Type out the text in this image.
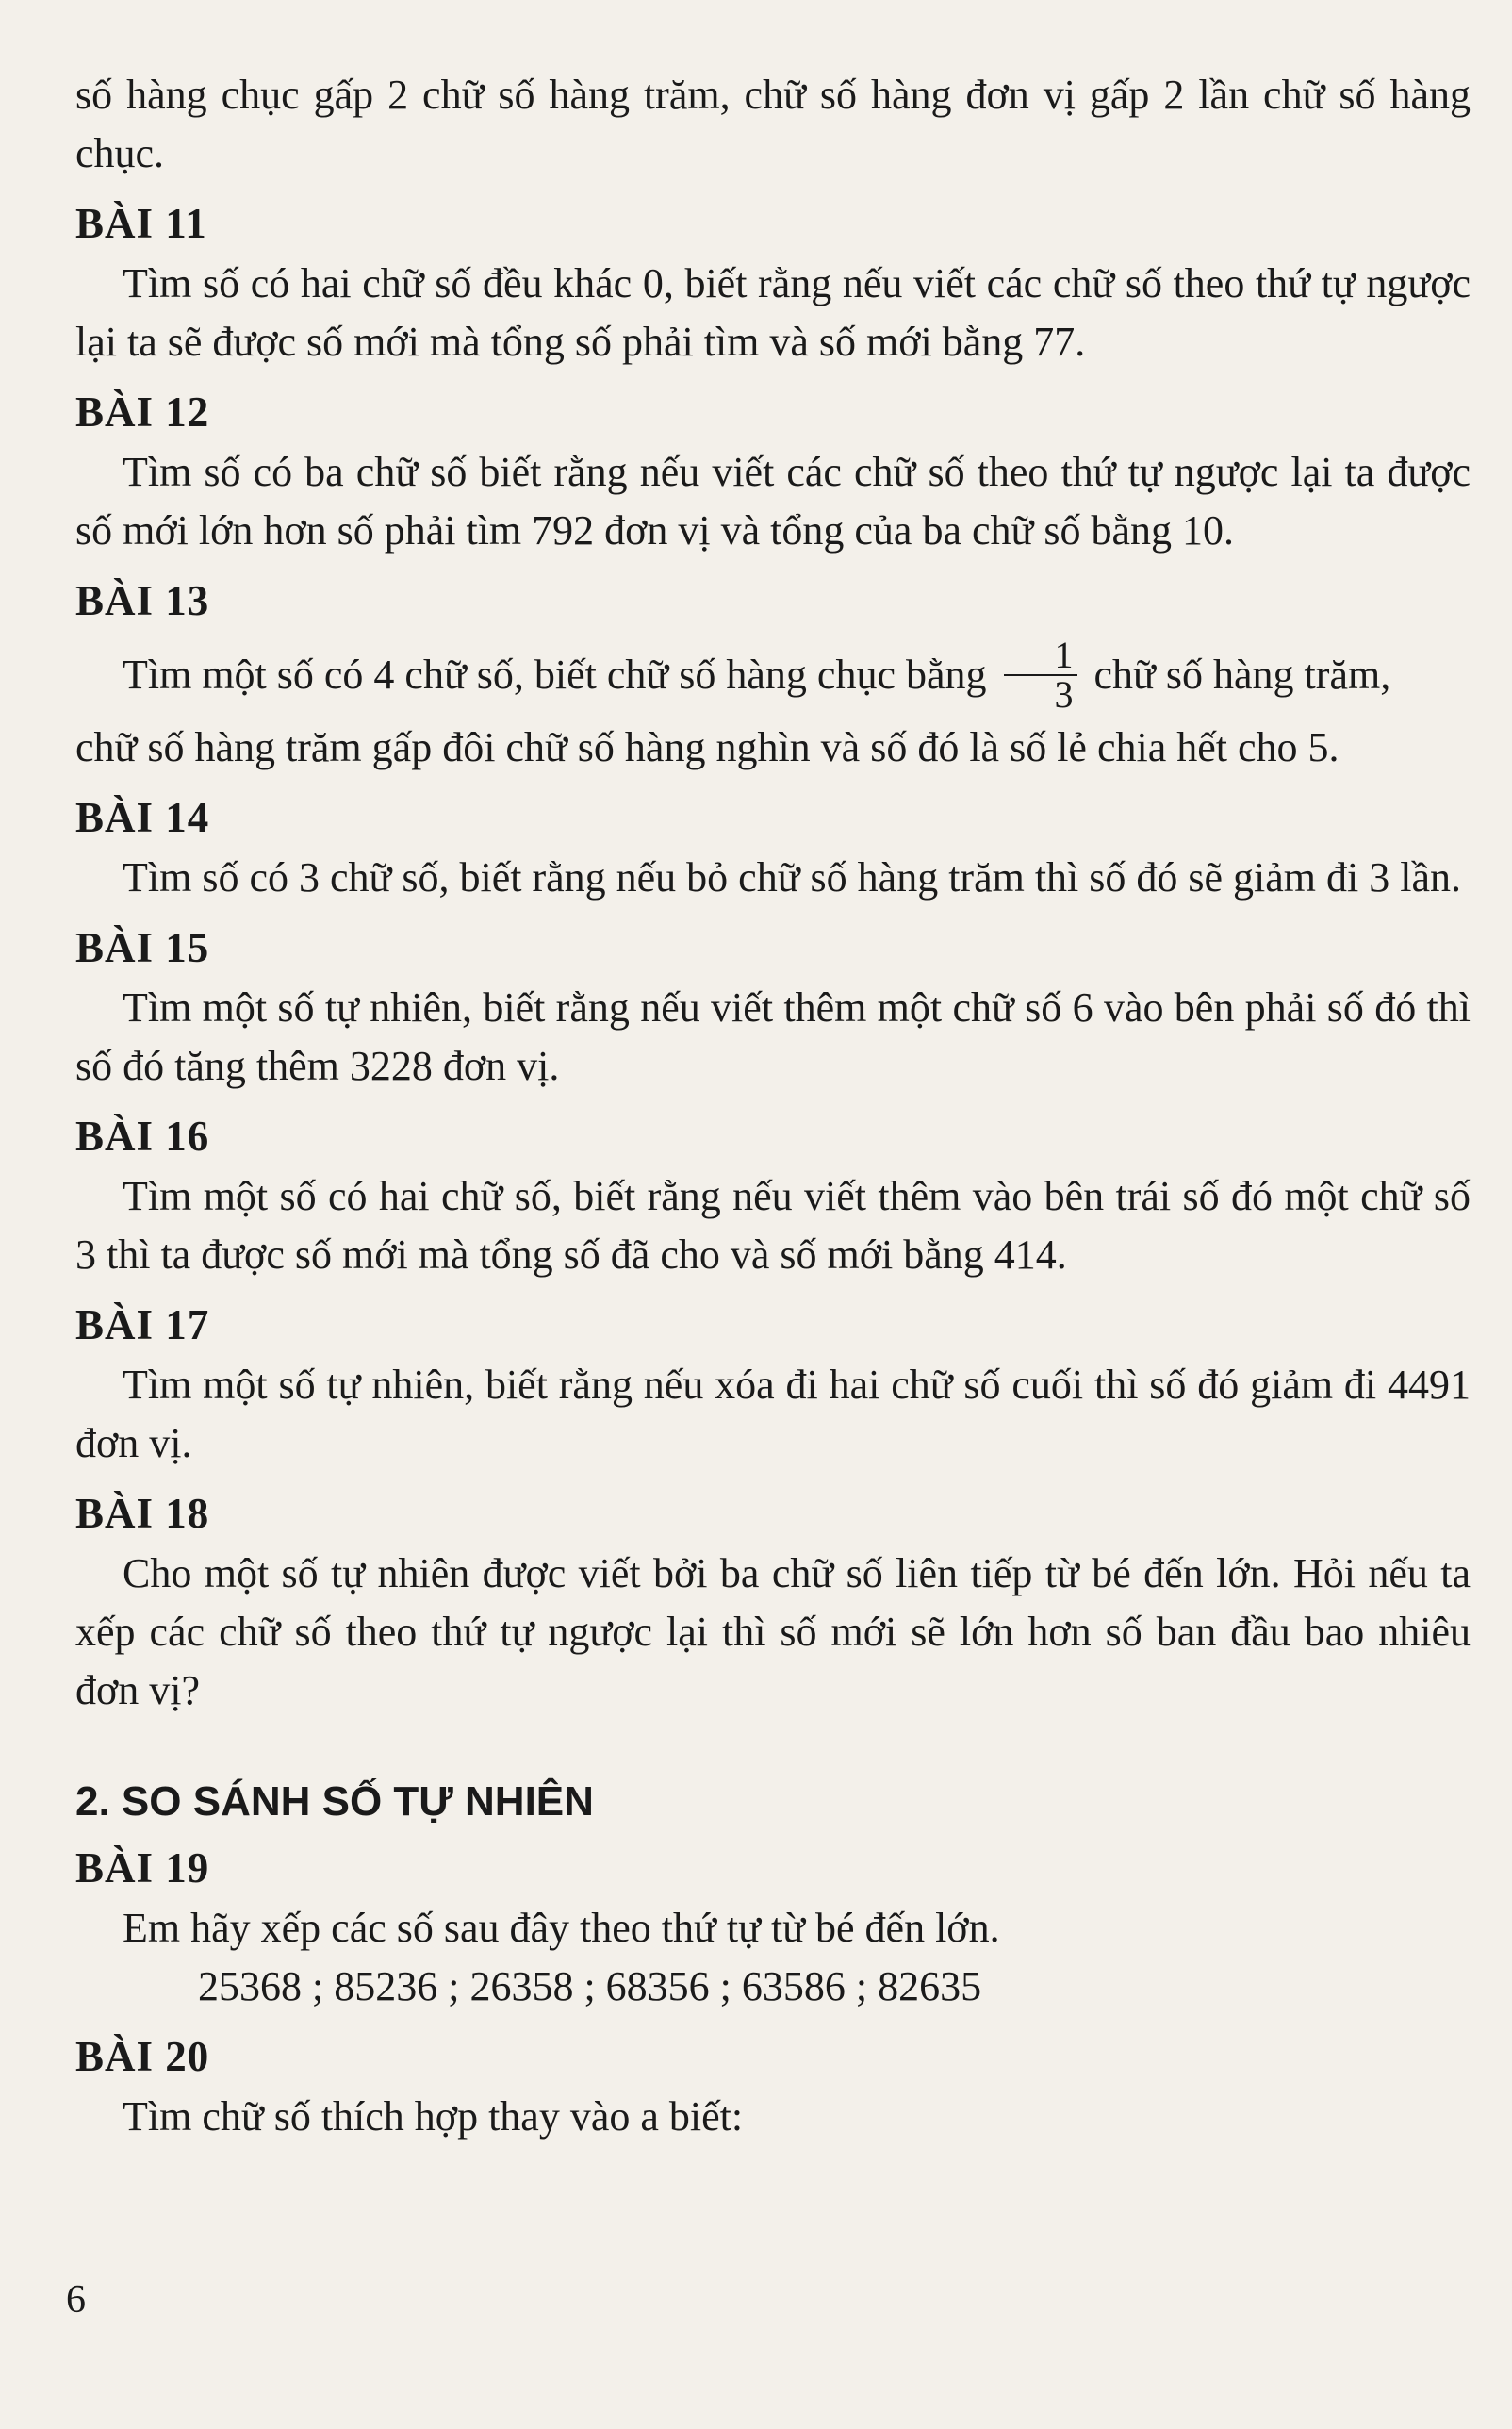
số hàng chục gấp 2 chữ số hàng trăm, chữ số hàng đơn vị gấp 2 lần chữ số hàng chục.

BÀI 11

Tìm số có hai chữ số đều khác 0, biết rằng nếu viết các chữ số theo thứ tự ngược lại ta sẽ được số mới mà tổng số phải tìm và số mới bằng 77.

BÀI 12

Tìm số có ba chữ số biết rằng nếu viết các chữ số theo thứ tự ngược lại ta được số mới lớn hơn số phải tìm 792 đơn vị và tổng của ba chữ số bằng 10.

BÀI 13

Tìm một số có 4 chữ số, biết chữ số hàng chục bằng $\frac{1}{3}$ chữ số hàng trăm,

chữ số hàng trăm gấp đôi chữ số hàng nghìn và số đó là số lẻ chia hết cho 5.

BÀI 14

Tìm số có 3 chữ số, biết rằng nếu bỏ chữ số hàng trăm thì số đó sẽ giảm đi 3 lần.

BÀI 15

Tìm một số tự nhiên, biết rằng nếu viết thêm một chữ số 6 vào bên phải số đó thì số đó tăng thêm 3228 đơn vị.

BÀI 16

Tìm một số có hai chữ số, biết rằng nếu viết thêm vào bên trái số đó một chữ số 3 thì ta được số mới mà tổng số đã cho và số mới bằng 414.

BÀI 17

Tìm một số tự nhiên, biết rằng nếu xóa đi hai chữ số cuối thì số đó giảm đi 4491 đơn vị.

BÀI 18

Cho một số tự nhiên được viết bởi ba chữ số liên tiếp từ bé đến lớn. Hỏi nếu ta xếp các chữ số theo thứ tự ngược lại thì số mới sẽ lớn hơn số ban đầu bao nhiêu đơn vị?

2. SO SÁNH SỐ TỰ NHIÊN
BÀI 19

Em hãy xếp các số sau đây theo thứ tự từ bé đến lớn.

25368 ; 85236 ; 26358 ; 68356 ; 63586 ; 82635

BÀI 20

Tìm chữ số thích hợp thay vào a biết:

6
